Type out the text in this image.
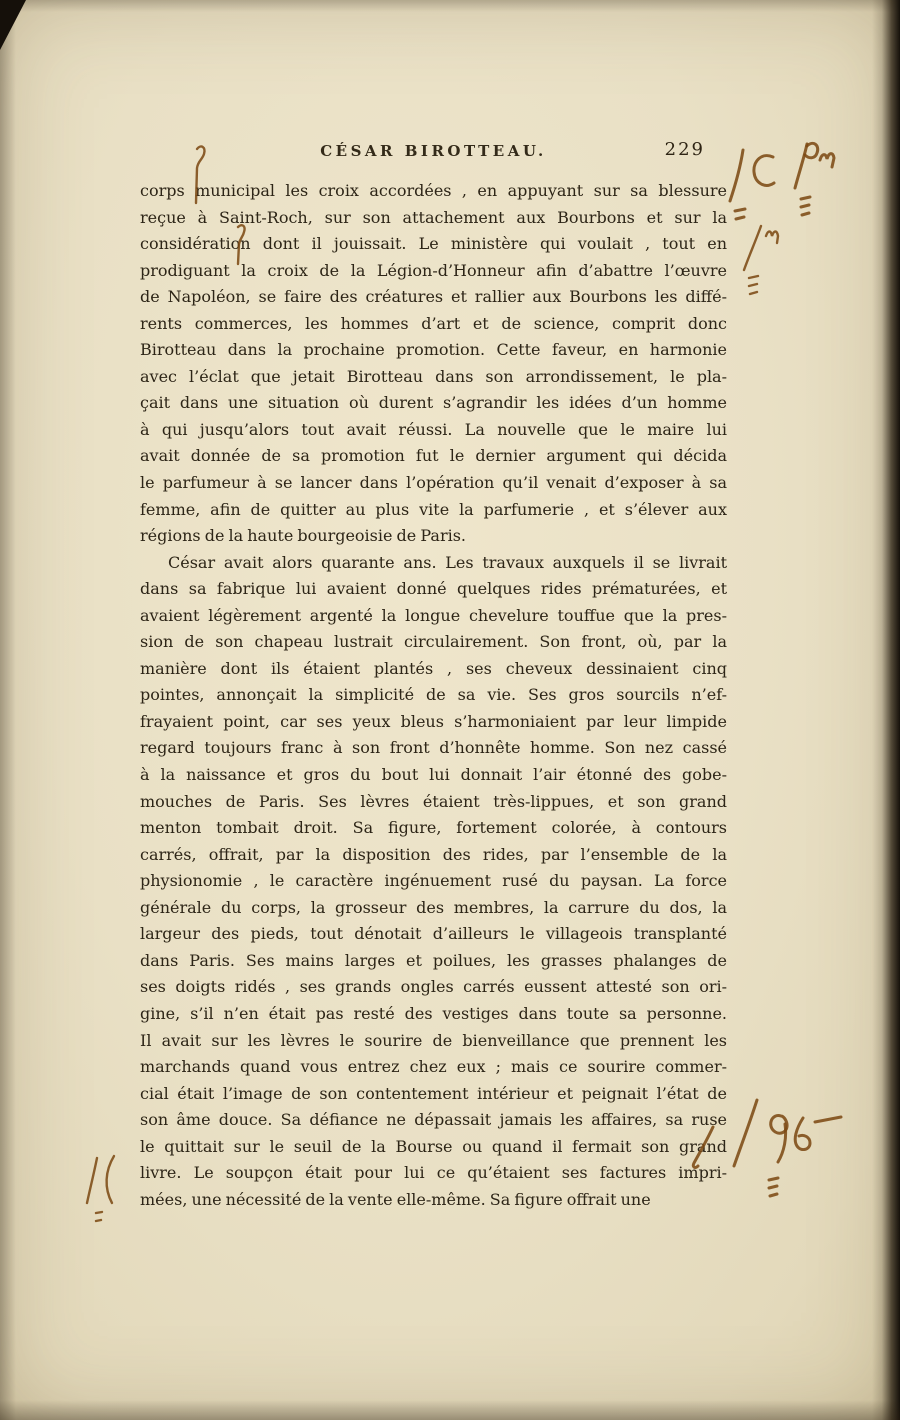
CÉSAR BIROTTEAU.	229
corps municipal les croix accordées , en appuyant sur sa blessure
reçue à Saint-Roch, sur son attachement aux Bourbons et sur la
considération dont il jouissait. Le ministère qui voulait , tout en
prodiguant la croix de la Légion-d’Honneur afin d’abattre l’œuvre
de Napoléon, se faire des créatures et rallier aux Bourbons les diffé-
rents commerces, les hommes d’art et de science, comprit donc
Birotteau dans la prochaine promotion. Cette faveur, en harmonie
avec l’éclat que jetait Birotteau dans son arrondissement, le pla-
çait dans une situation où durent s’agrandir les idées d’un homme
à qui jusqu’alors tout avait réussi. La nouvelle que le maire lui
avait donnée de sa promotion fut le dernier argument qui décida
le parfumeur à se lancer dans l’opération qu’il venait d’exposer à sa
femme, afin de quitter au plus vite la parfumerie , et s’élever aux
régions de la haute bourgeoisie de Paris.
César avait alors quarante ans. Les travaux auxquels il se livrait
dans sa fabrique lui avaient donné quelques rides prématurées, et
avaient légèrement argenté la longue chevelure touffue que la pres-
sion de son chapeau lustrait circulairement. Son front, où, par la
manière dont ils étaient plantés , ses cheveux dessinaient cinq
pointes, annonçait la simplicité de sa vie. Ses gros sourcils n’ef-
frayaient point, car ses yeux bleus s’harmoniaient par leur limpide
regard toujours franc à son front d’honnête homme. Son nez cassé
à la naissance et gros du bout lui donnait l’air étonné des gobe-
mouches de Paris. Ses lèvres étaient très-lippues, et son grand
menton tombait droit. Sa figure, fortement colorée, à contours
carrés, offrait, par la disposition des rides, par l’ensemble de la
physionomie , le caractère ingénuement rusé du paysan. La force
générale du corps, la grosseur des membres, la carrure du dos, la
largeur des pieds, tout dénotait d’ailleurs le villageois transplanté
dans Paris. Ses mains larges et poilues, les grasses phalanges de
ses doigts ridés , ses grands ongles carrés eussent attesté son ori-
gine, s’il n’en était pas resté des vestiges dans toute sa personne.
Il avait sur les lèvres le sourire de bienveillance que prennent les
marchands quand vous entrez chez eux ; mais ce sourire commer-
cial était l’image de son contentement intérieur et peignait l’état de
son âme douce. Sa défiance ne dépassait jamais les affaires, sa ruse
le quittait sur le seuil de la Bourse ou quand il fermait son grand
livre. Le soupçon était pour lui ce qu’étaient ses factures impri-
mées, une nécessité de la vente elle-même. Sa figure offrait une
